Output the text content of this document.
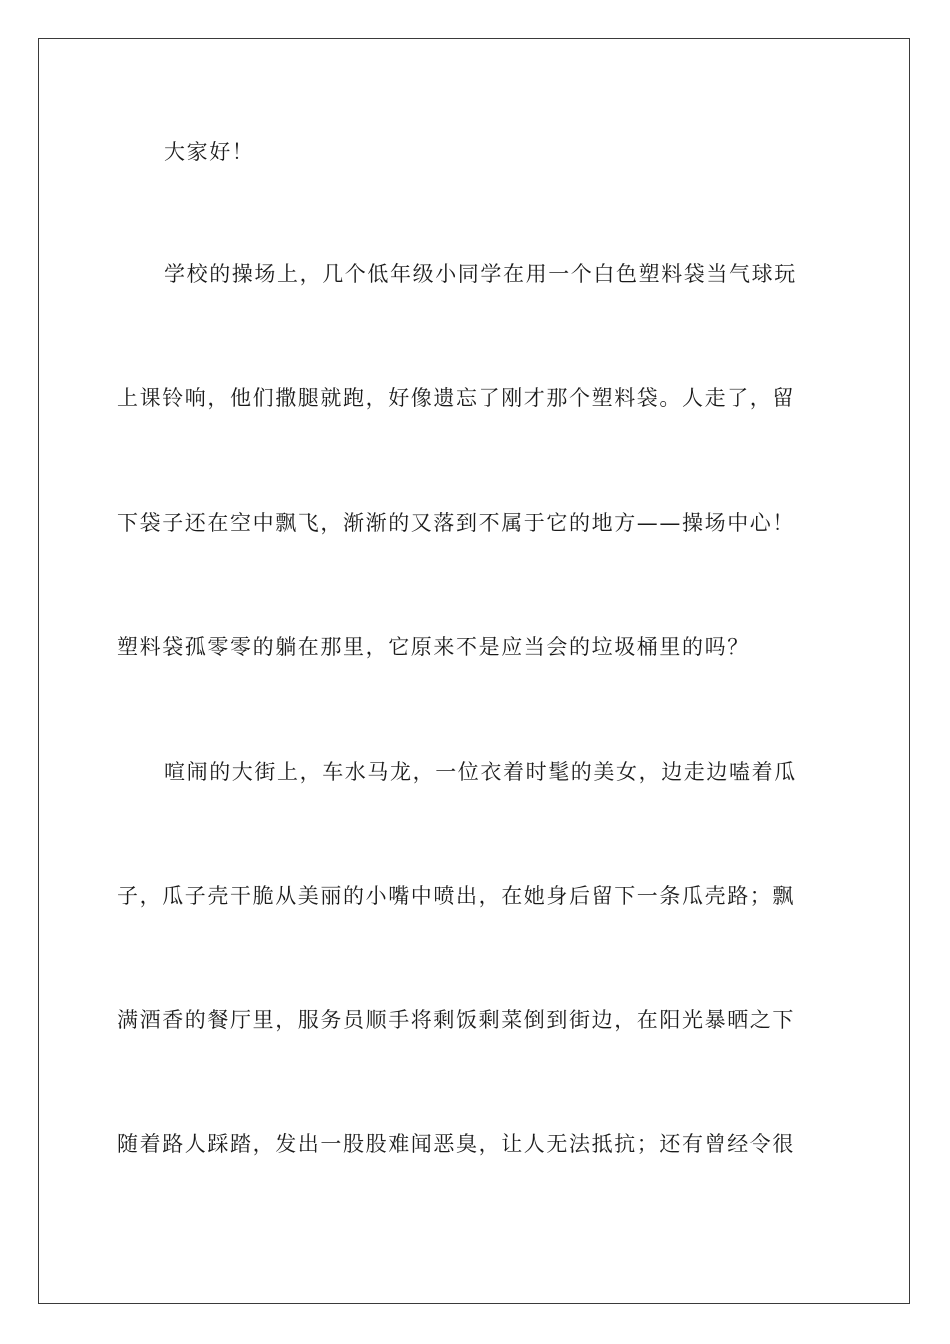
大家好！
学校的操场上，几个低年级小同学在用一个白色塑料袋当气球玩
上课铃响，他们撒腿就跑，好像遗忘了刚才那个塑料袋。人走了，留
下袋子还在空中飘飞，渐渐的又落到不属于它的地方——操场中心！
塑料袋孤零零的躺在那里，它原来不是应当会的垃圾桶里的吗？
喧闹的大街上，车水马龙，一位衣着时髦的美女，边走边嗑着瓜
子，瓜子壳干脆从美丽的小嘴中喷出，在她身后留下一条瓜壳路；飘
满酒香的餐厅里，服务员顺手将剩饭剩菜倒到街边，在阳光暴晒之下
随着路人踩踏，发出一股股难闻恶臭，让人无法抵抗；还有曾经令很
